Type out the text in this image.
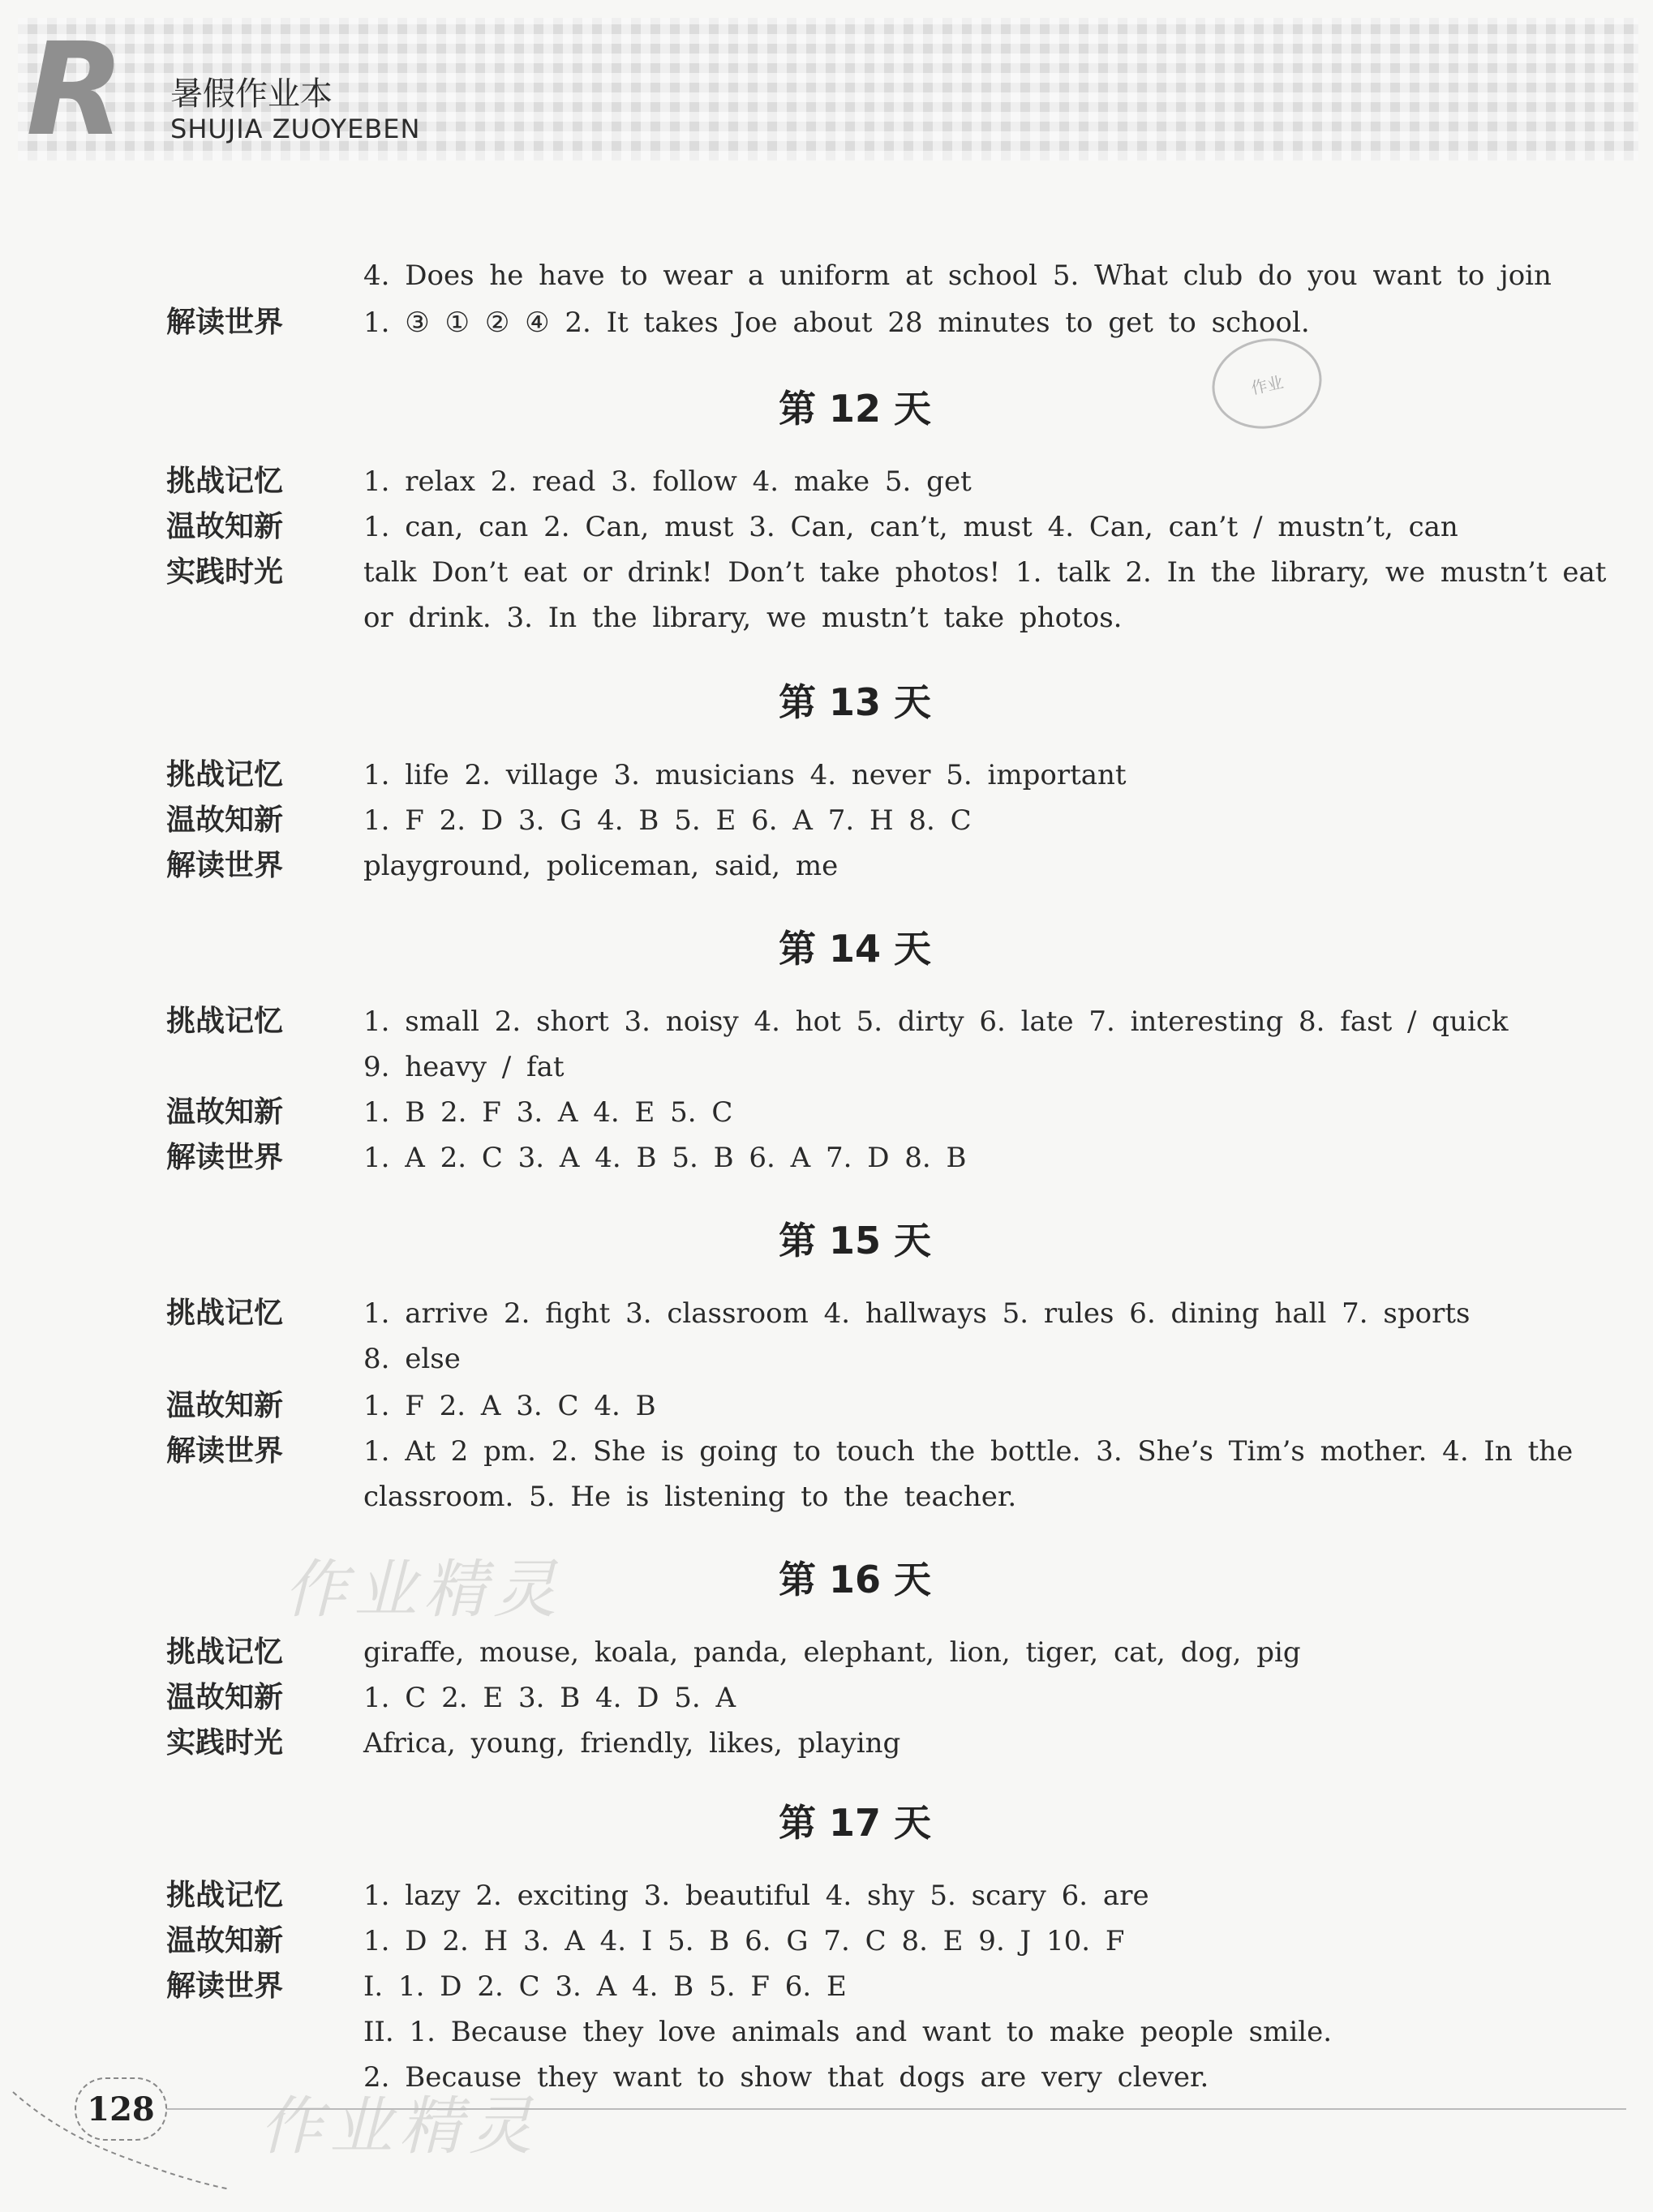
R 暑假作业本
SHUJIA ZUOYEBEN
作业
4. Does he have to wear a uniform at school 5. What club do you want to join
解读世界	1. ③ ① ② ④ 2. It takes Joe about 28 minutes to get to school.
第 12 天
挑战记忆	1. relax 2. read 3. follow 4. make 5. get
温故知新	1. can, can 2. Can, must 3. Can, can’t, must 4. Can, can’t / mustn’t, can
实践时光	talk Don’t eat or drink! Don’t take photos! 1. talk 2. In the library, we mustn’t eat
or drink. 3. In the library, we mustn’t take photos.
第 13 天
挑战记忆	1. life 2. village 3. musicians 4. never 5. important
温故知新	1. F 2. D 3. G 4. B 5. E 6. A 7. H 8. C
解读世界	playground, policeman, said, me
第 14 天
挑战记忆	1. small 2. short 3. noisy 4. hot 5. dirty 6. late 7. interesting 8. fast / quick
9. heavy / fat
温故知新	1. B 2. F 3. A 4. E 5. C
解读世界	1. A 2. C 3. A 4. B 5. B 6. A 7. D 8. B
第 15 天
挑战记忆	1. arrive 2. fight 3. classroom 4. hallways 5. rules 6. dining hall 7. sports
8. else
温故知新	1. F 2. A 3. C 4. B
解读世界	1. At 2 pm. 2. She is going to touch the bottle. 3. She’s Tim’s mother. 4. In the
classroom. 5. He is listening to the teacher.
作业精灵	第 16 天
挑战记忆	giraffe, mouse, koala, panda, elephant, lion, tiger, cat, dog, pig
温故知新	1. C 2. E 3. B 4. D 5. A
实践时光	Africa, young, friendly, likes, playing
第 17 天
挑战记忆	1. lazy 2. exciting 3. beautiful 4. shy 5. scary 6. are
温故知新	1. D 2. H 3. A 4. I 5. B 6. G 7. C 8. E 9. J 10. F
解读世界	I. 1. D 2. C 3. A 4. B 5. F 6. E
II. 1. Because they love animals and want to make people smile.
2. Because they want to show that dogs are very clever.
作业精灵
128
